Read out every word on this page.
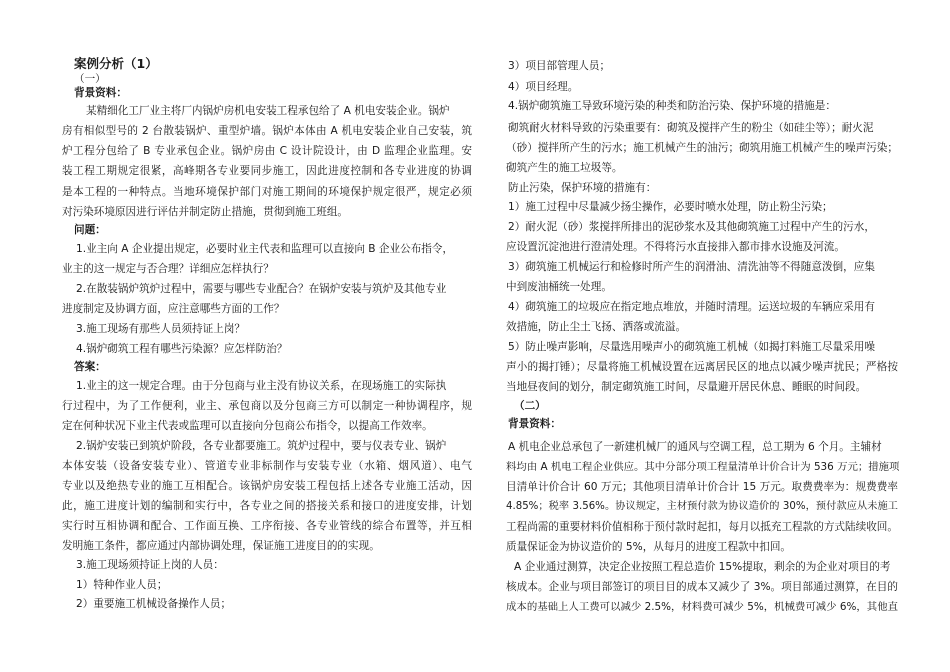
案例分析（1）
（一）
背景资料：
某精细化工厂业主将厂内锅炉房机电安装工程承包给了 A 机电安装企业。锅炉
房有相似型号的 2 台散装锅炉、重型炉墙。锅炉本体由 A 机电安装企业自己安装，筑
炉工程分包给了 B 专业承包企业。锅炉房由 C 设计院设计，由 D 监理企业监理。安
装工程工期规定很紧，高峰期各专业要同步施工，因此进度控制和各专业进度的协调
是本工程的一种特点。当地环境保护部门对施工期间的环境保护规定很严，规定必须
对污染环境原因进行评估并制定防止措施，贯彻到施工班组。
问题：
1.业主向 A 企业提出规定，必要时业主代表和监理可以直接向 B 企业公布指令，
业主的这一规定与否合理？详细应怎样执行？
2.在散装锅炉筑炉过程中，需要与哪些专业配合？在锅炉安装与筑炉及其他专业
进度制定及协调方面，应注意哪些方面的工作？
3.施工现场有那些人员须持证上岗？
4.锅炉砌筑工程有哪些污染源？应怎样防治？
答案：
1.业主的这一规定合理。由于分包商与业主没有协议关系，在现场施工的实际执
行过程中，为了工作便利，业主、承包商以及分包商三方可以制定一种协调程序，规
定在何种状况下业主代表或监理可以直接向分包商公布指令，以提高工作效率。
2.锅炉安装已到筑炉阶段，各专业都要施工。筑炉过程中，要与仪表专业、锅炉
本体安装（设备安装专业）、管道专业非标制作与安装专业（水箱、烟风道）、电气
专业以及绝热专业的施工互相配合。该锅炉房安装工程包括上述各专业施工活动，因
此，施工进度计划的编制和实行中，各专业之间的搭接关系和接口的进度安排，计划
实行时互相协调和配合、工作面互换、工序衔接、各专业管线的综合布置等，并互相
发明施工条件，都应通过内部协调处理，保证施工进度目的的实现。
3.施工现场须持证上岗的人员：
1）特种作业人员；
2）重要施工机械设备操作人员；
3）项目部管理人员；
4）项目经理。
4.锅炉砌筑施工导致环境污染的种类和防治污染、保护环境的措施是：
砌筑耐火材料导致的污染重要有：砌筑及搅拌产生的粉尘（如硅尘等）；耐火泥
（砂）搅拌所产生的污水；施工机械产生的油污；砌筑用施工机械产生的噪声污染；
砌筑产生的施工垃圾等。
防止污染，保护环境的措施有：
1）施工过程中尽量减少扬尘操作，必要时喷水处理，防止粉尘污染；
2）耐火泥（砂）浆搅拌所排出的泥砂浆水及其他砌筑施工过程中产生的污水，
应设置沉淀池进行澄清处理。不得将污水直接排入都市排水设施及河流。
3）砌筑施工机械运行和检修时所产生的润滑油、清洗油等不得随意泼倒，应集
中到废油桶统一处理。
4）砌筑施工的垃圾应在指定地点堆放，并随时清理。运送垃圾的车辆应采用有
效措施，防止尘土飞扬、洒落或流溢。
5）防止噪声影响，尽量选用噪声小的砌筑施工机械（如揭打料施工尽量采用噪
声小的揭打锤）；尽量将施工机械设置在远离居民区的地点以减少噪声扰民；严格按
当地昼夜间的划分，制定砌筑施工时间，尽量避开居民休息、睡眠的时间段。
（二）
背景资料：
A 机电企业总承包了一新建机械厂的通风与空调工程，总工期为 6 个月。主辅材
料均由 A 机电工程企业供应。其中分部分项工程量清单计价合计为 536 万元；措施项
目清单计价合计 60 万元；其他项目清单计价合计 15 万元。取费费率为：规费费率
4.85%；税率 3.56%。协议规定，主材预付款为协议造价的 30%，预付款应从未施工
工程尚需的重要材料价值相称于预付款时起扣，每月以抵充工程款的方式陆续收回。
质量保证金为协议造价的 5%，从每月的进度工程款中扣回。
A 企业通过测算，决定企业按照工程总造价 15%提取，剩余的为企业对项目的考
核成本。企业与项目部签订的项目目的成本又减少了 3%。项目部通过测算，在目的
成本的基础上人工费可以减少 2.5%，材料费可减少 5%，机械费可减少 6%，其他直
